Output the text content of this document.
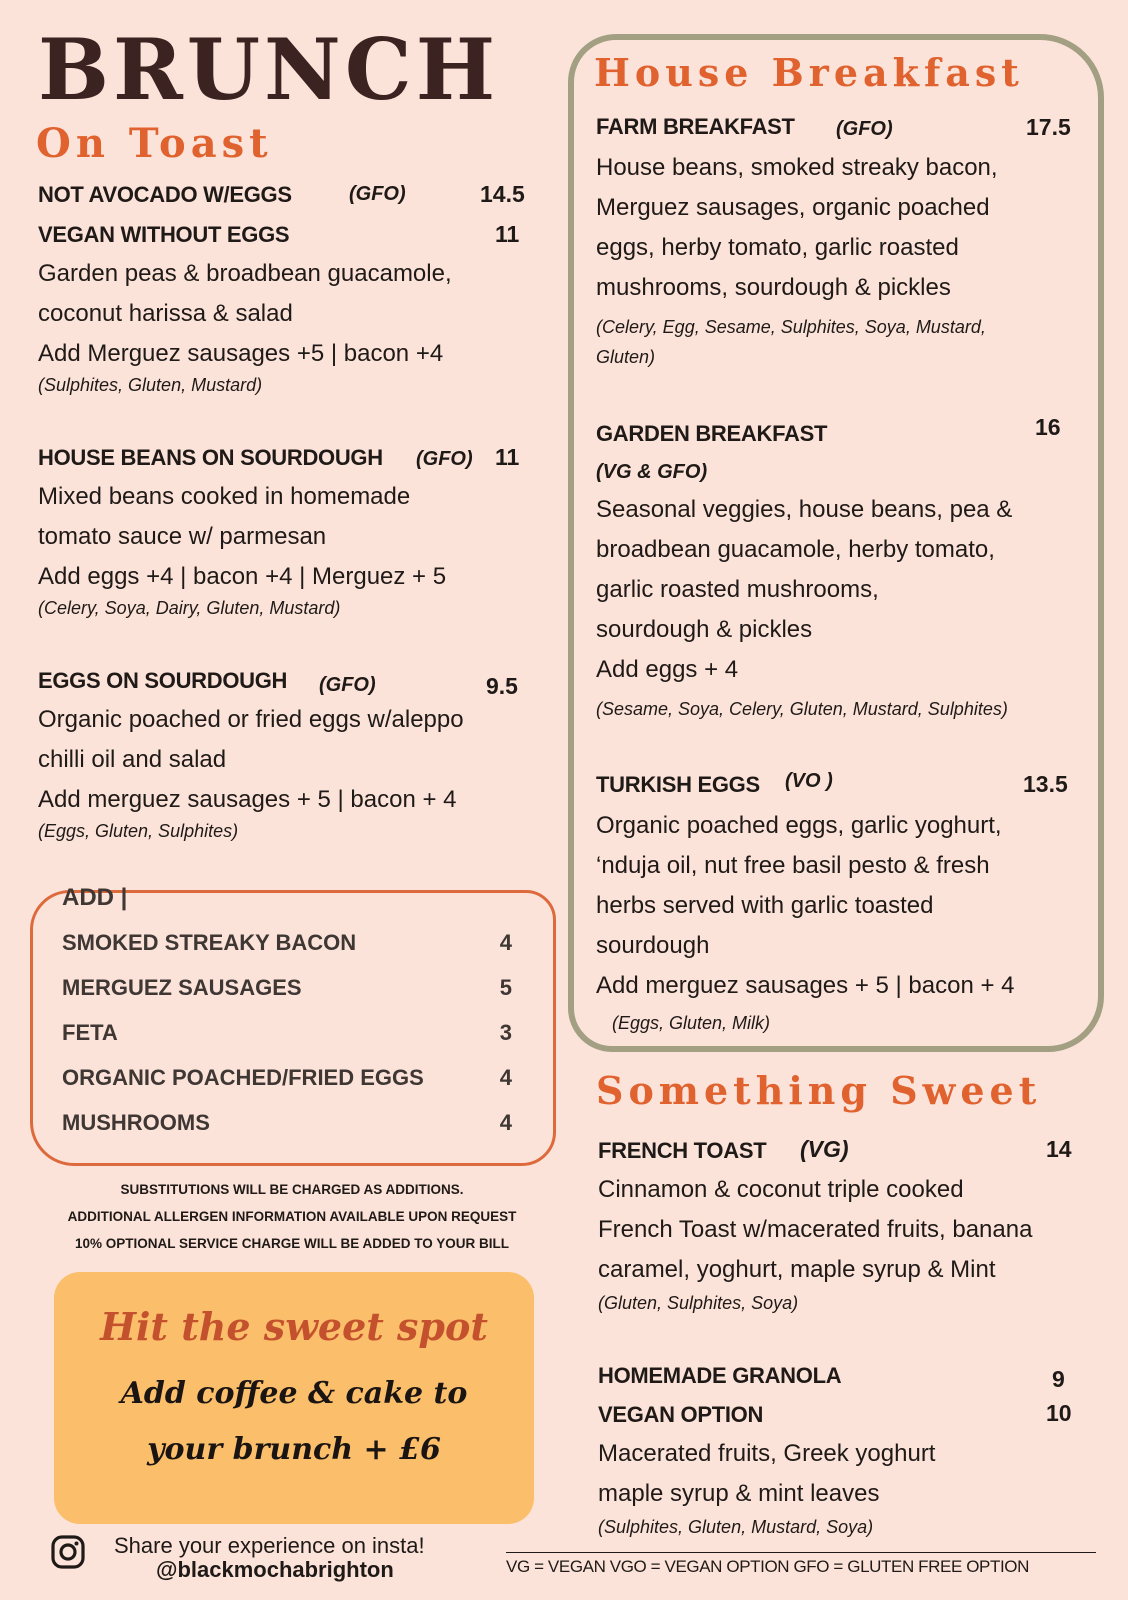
BRUNCH
On Toast
NOT AVOCADO W/EGGS	(GFO)	14.5
VEGAN WITHOUT EGGS	11
Garden peas & broadbean guacamole,
coconut harissa & salad
Add Merguez sausages +5 | bacon +4
(Sulphites, Gluten, Mustard)
HOUSE BEANS ON SOURDOUGH (GFO) 11
Mixed beans cooked in homemade
tomato sauce w/ parmesan
Add eggs +4 | bacon +4 | Merguez + 5
(Celery, Soya, Dairy, Gluten, Mustard)
EGGS ON SOURDOUGH (GFO)	9.5
Organic poached or fried eggs w/aleppo
chilli oil and salad
Add merguez sausages + 5 | bacon + 4
(Eggs, Gluten, Sulphites)
ADD |
SMOKED STREAKY BACON	4
MERGUEZ SAUSAGES	5
FETA	3
ORGANIC POACHED/FRIED EGGS	4
MUSHROOMS	4
SUBSTITUTIONS WILL BE CHARGED AS ADDITIONS.
ADDITIONAL ALLERGEN INFORMATION AVAILABLE UPON REQUEST
10% OPTIONAL SERVICE CHARGE WILL BE ADDED TO YOUR BILL
Hit the sweet spot
Add coffee & cake to
your brunch + £6
Share your experience on insta!
@blackmochabrighton
House Breakfast
FARM BREAKFAST (GFO)	17.5
House beans, smoked streaky bacon,
Merguez sausages, organic poached
eggs, herby tomato, garlic roasted
mushrooms, sourdough & pickles
(Celery, Egg, Sesame, Sulphites, Soya, Mustard,
Gluten)
GARDEN BREAKFAST
(VG & GFO)
16
Seasonal veggies, house beans, pea &
broadbean guacamole, herby tomato,
garlic roasted mushrooms,
sourdough & pickles
Add eggs + 4
(Sesame, Soya, Celery, Gluten, Mustard, Sulphites)
TURKISH EGGS (VO )	13.5
Organic poached eggs, garlic yoghurt,
‘nduja oil, nut free basil pesto & fresh
herbs served with garlic toasted
sourdough
Add merguez sausages + 5 | bacon + 4
(Eggs, Gluten, Milk)
Something Sweet
FRENCH TOAST (VG)	14
Cinnamon & coconut triple cooked
French Toast w/macerated fruits, banana
caramel, yoghurt, maple syrup & Mint
(Gluten, Sulphites, Soya)
HOMEMADE GRANOLA	9
VEGAN OPTION	10
Macerated fruits, Greek yoghurt
maple syrup & mint leaves
(Sulphites, Gluten, Mustard, Soya)
VG = VEGAN VGO = VEGAN OPTION GFO = GLUTEN FREE OPTION
